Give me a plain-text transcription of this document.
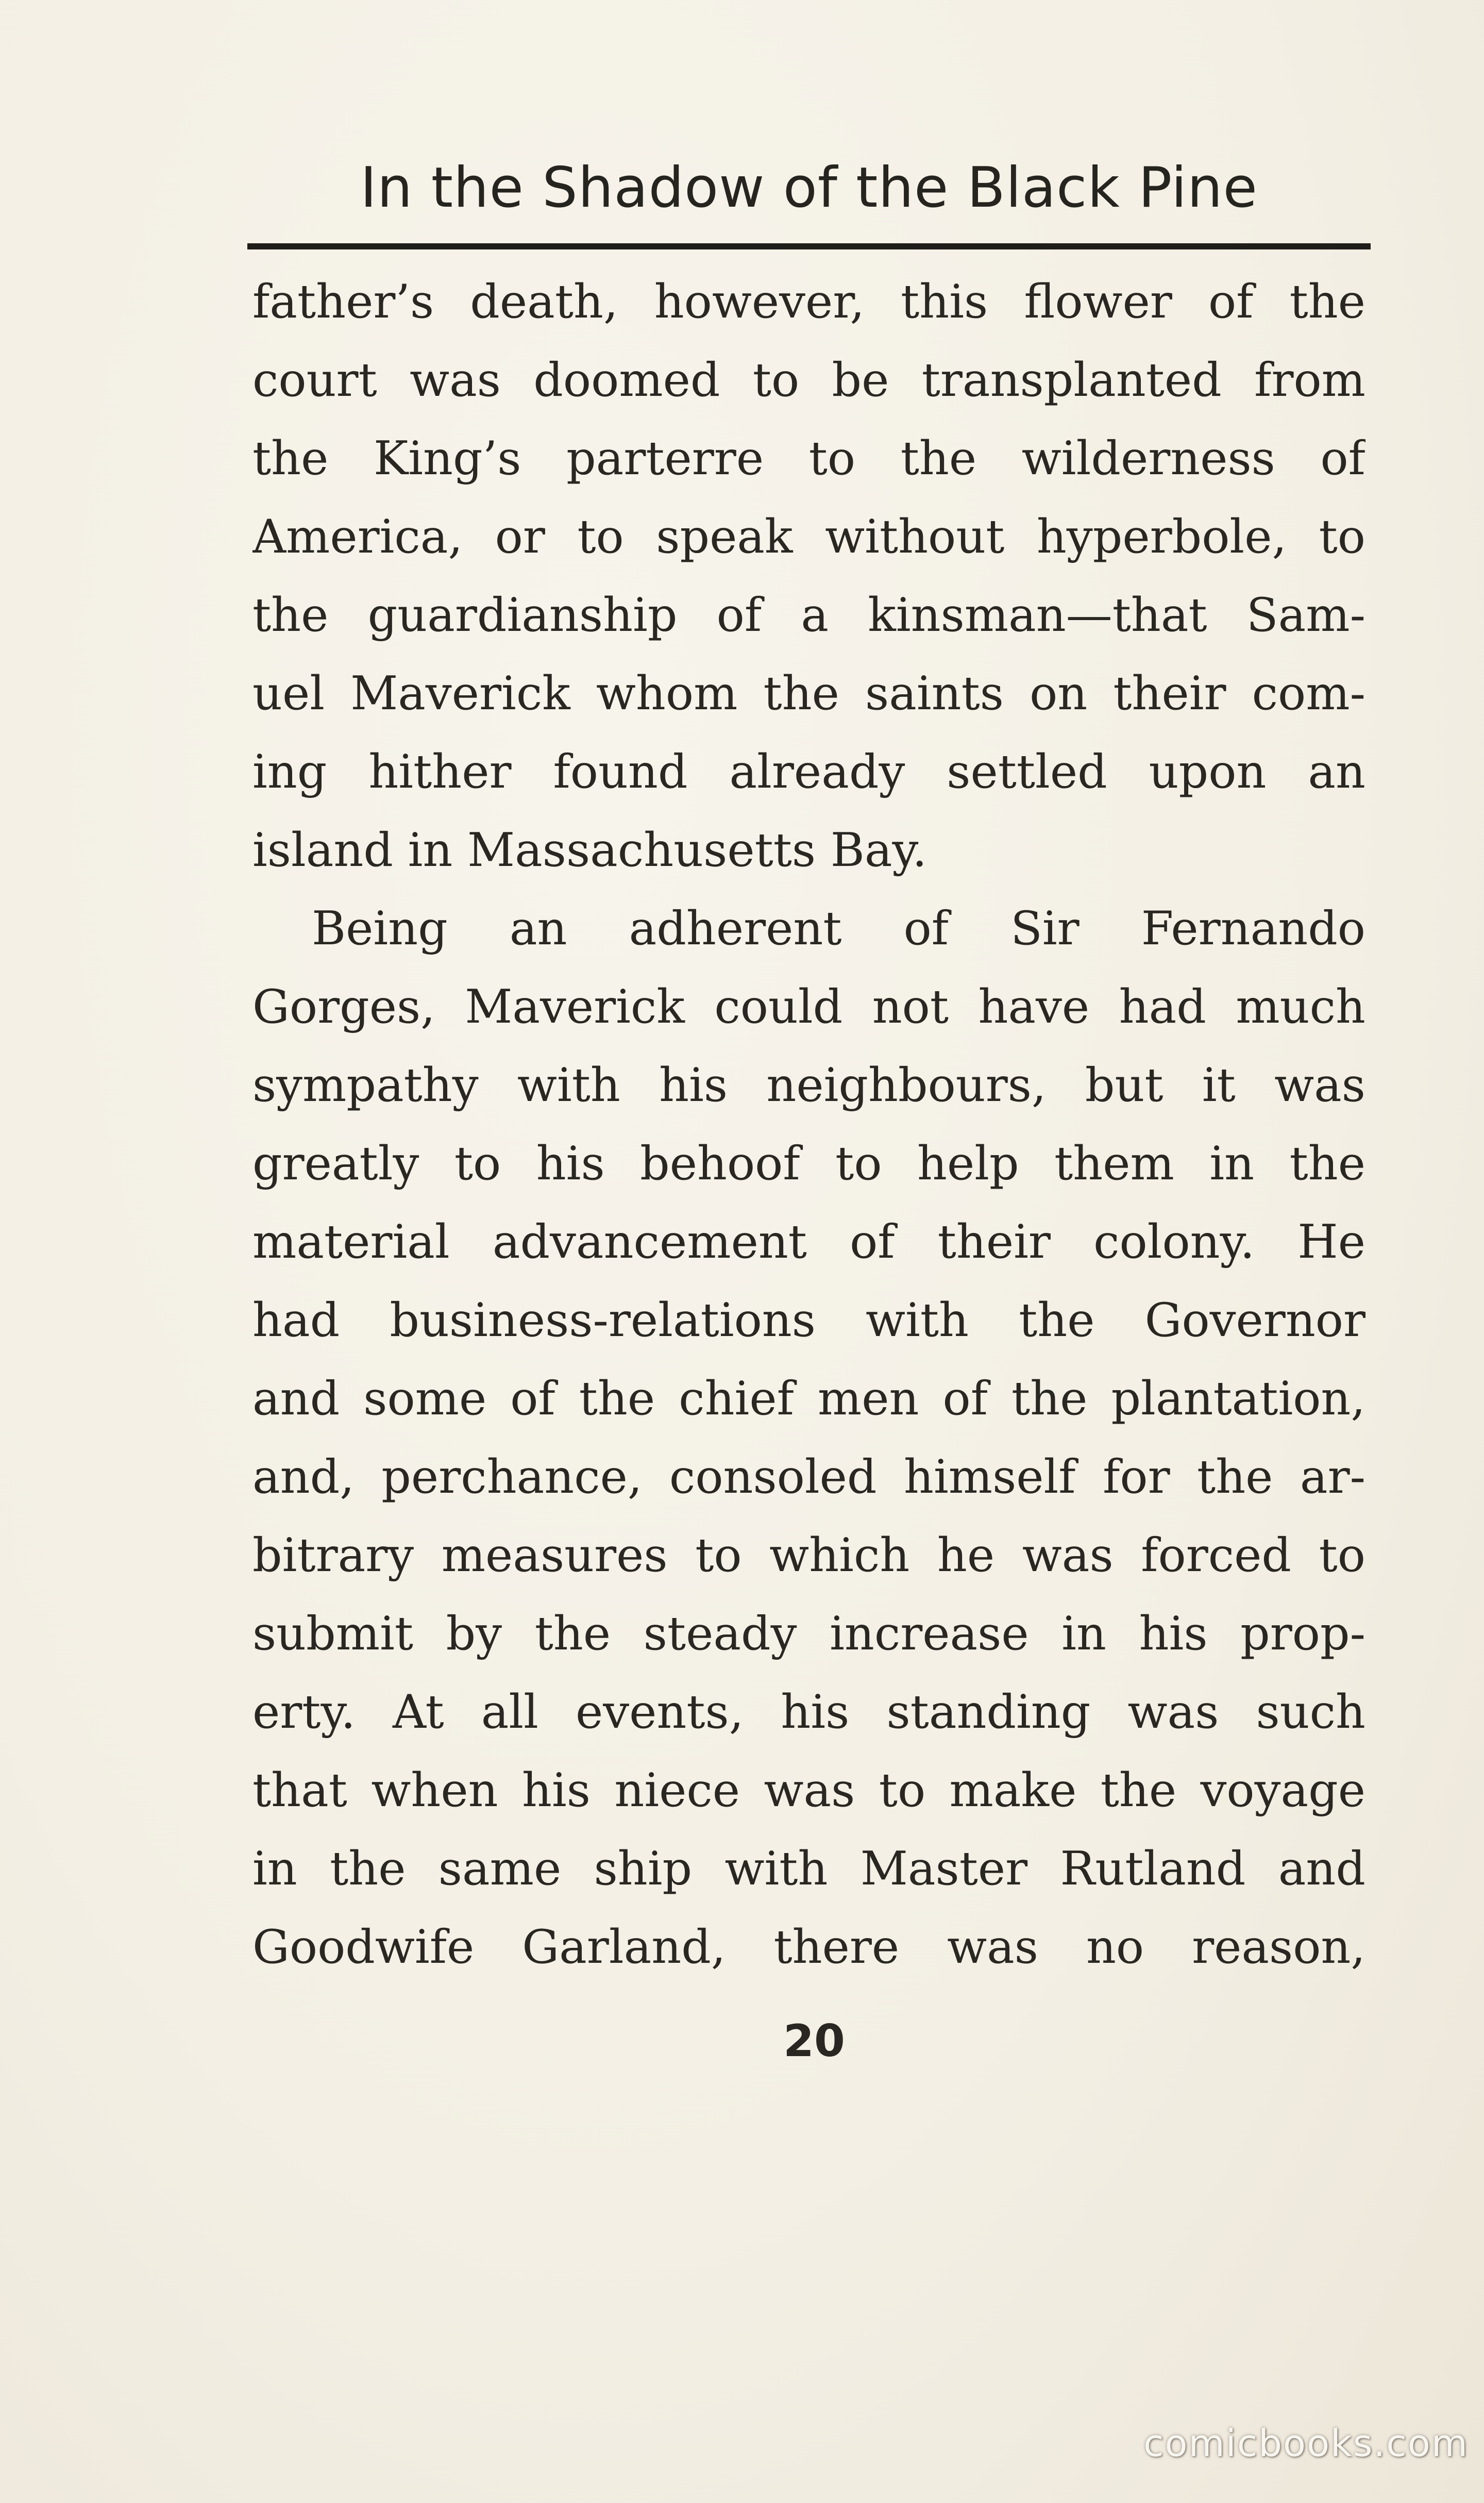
In the Shadow of the Black Pine
father’s death, however, this flower of the
court was doomed to be transplanted from
the King’s parterre to the wilderness of
America, or to speak without hyperbole, to
the guardianship of a kinsman—that Sam-
uel Maverick whom the saints on their com-
ing hither found already settled upon an
island in Massachusetts Bay.
Being an adherent of Sir Fernando
Gorges, Maverick could not have had much
sympathy with his neighbours, but it was
greatly to his behoof to help them in the
material advancement of their colony. He
had business-relations with the Governor
and some of the chief men of the plantation,
and, perchance, consoled himself for the ar-
bitrary measures to which he was forced to
submit by the steady increase in his prop-
erty. At all events, his standing was such
that when his niece was to make the voyage
in the same ship with Master Rutland and
Goodwife Garland, there was no reason,
20
comicbooks.com
